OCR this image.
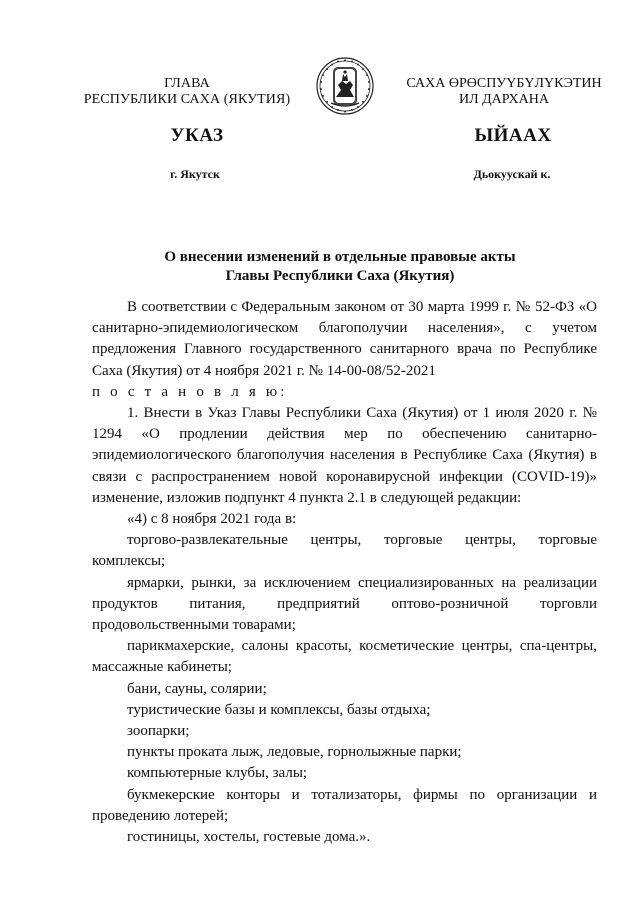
ГЛАВА
РЕСПУБЛИКИ САХА (ЯКУТИЯ)
САХА ӨРӨСПУҮБҮЛҮКЭТИН
ИЛ ДАРХАНА
УКАЗ	ЫЙААХ
г. Якутск	Дьокуускай к.
О внесении изменений в отдельные правовые акты
Главы Республики Саха (Якутия)

В соответствии с Федеральным законом от 30 марта 1999 г. № 52-ФЗ «О санитарно-эпидемиологическом благополучии населения», с учетом предложения Главного государственного санитарного врача по Республике Саха (Якутия) от 4 ноября 2021 г. № 14-00-08/52-2021

п о с т а н о в л я ю:

1. Внести в Указ Главы Республики Саха (Якутия) от 1 июля 2020 г. № 1294 «О продлении действия мер по обеспечению санитарно-эпидемиологического благополучия населения в Республике Саха (Якутия) в связи с распространением новой коронавирусной инфекции (COVID-19)» изменение, изложив подпункт 4 пункта 2.1 в следующей редакции:

«4) с 8 ноября 2021 года в:

торгово-развлекательные центры, торговые центры, торговые комплексы;

ярмарки, рынки, за исключением специализированных на реализации продуктов питания, предприятий оптово-розничной торговли продовольственными товарами;

парикмахерские, салоны красоты, косметические центры, спа-центры, массажные кабинеты;

бани, сауны, солярии;

туристические базы и комплексы, базы отдыха;

зоопарки;

пункты проката лыж, ледовые, горнолыжные парки;

компьютерные клубы, залы;

букмекерские конторы и тотализаторы, фирмы по организации и проведению лотерей;

гостиницы, хостелы, гостевые дома.».
